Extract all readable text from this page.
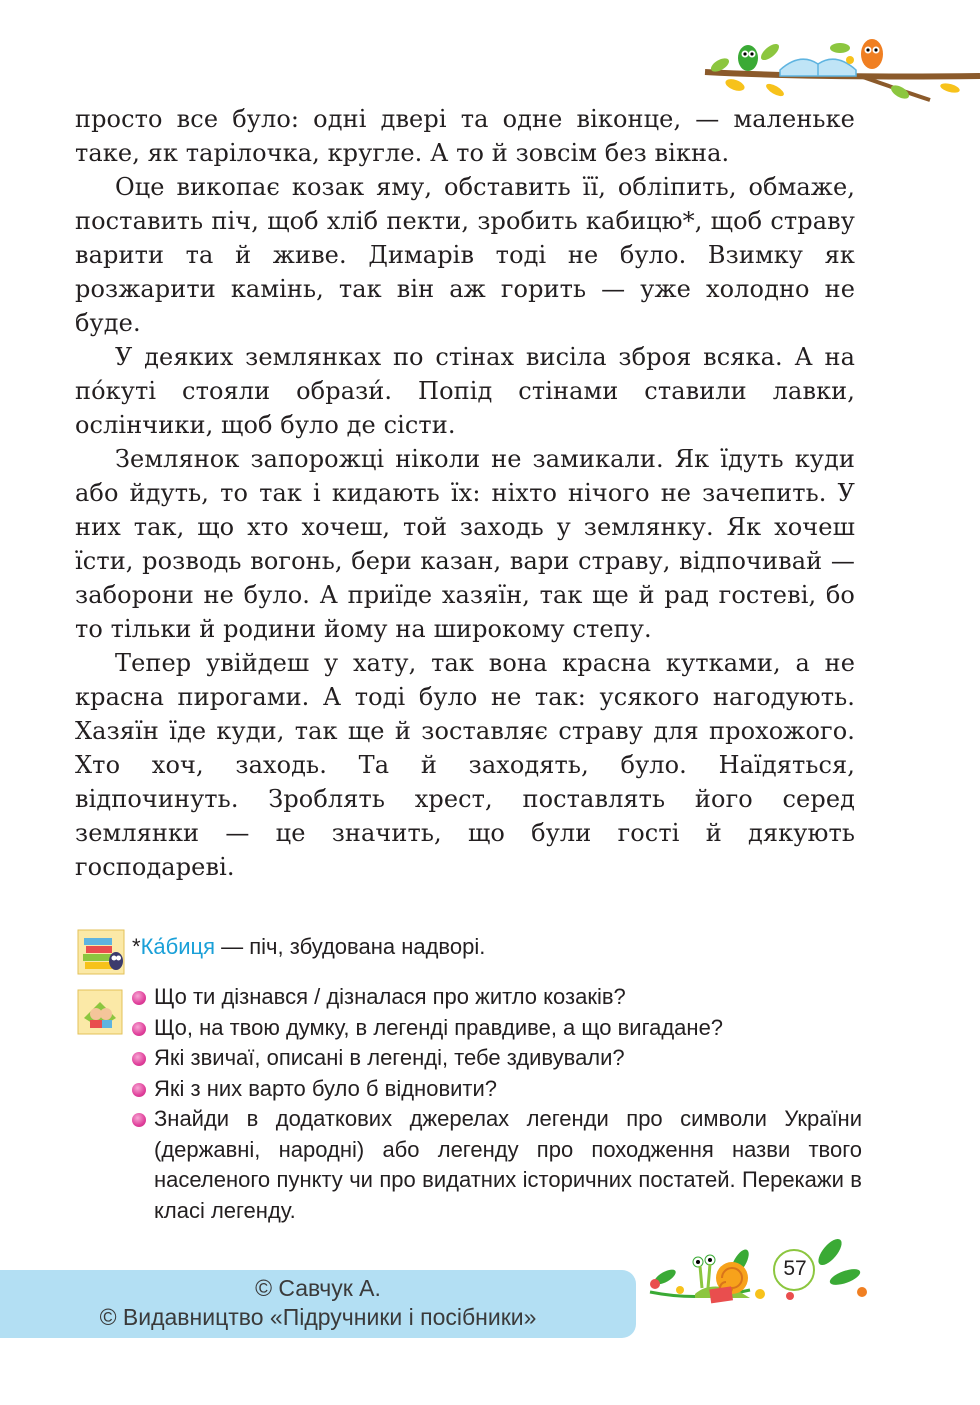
просто все було: одні двері та одне віконце, — маленьке таке, як тарілочка, кругле. А то й зовсім без вікна.

Оце викопає козак яму, обставить її, обліпить, обмаже, поставить піч, щоб хліб пекти, зробить кабицю*, щоб страву варити та й живе. Димарів тоді не було. Взимку як розжарити камінь, так він аж горить — уже холодно не буде.

У деяких землянках по стінах висіла зброя всяка. А на по́куті стояли образи́. Попід стінами ставили лавки, ослінчики, щоб було де сісти.

Землянок запорожці ніколи не замикали. Як їдуть куди або йдуть, то так і кидають їх: ніхто нічого не зачепить. У них так, що хто хочеш, той заходь у землянку. Як хочеш їсти, розводь вогонь, бери казан, вари страву, відпочивай — заборони не було. А приїде хазяїн, так ще й рад гостеві, бо то тільки й родини йому на широкому степу.

Тепер увійдеш у хату, так вона красна кутками, а не красна пирогами. А тоді було не так: усякого нагодують. Хазяїн їде куди, так ще й зоставляє страву для прохожого. Хто хоч, заходь. Та й заходять, було. Наїдяться, відпочинуть. Зроблять хрест, поставлять його серед землянки — це значить, що були гості й дякують господареві.

*Ка́биця — піч, збудована надворі.
Що ти дізнався / дізналася про житло козаків?
Що, на твою думку, в легенді правдиве, а що вигадане?
Які звичаї, описані в легенді, тебе здивували?
Які з них варто було б відновити?
Знайди в додаткових джерелах легенди про символи України (державні, народні) або легенду про походження назви твого населеного пункту чи про видатних історичних постатей. Перекажи в класі легенду.
© Савчук А.
© Видавництво «Підручники і посібники»
57
